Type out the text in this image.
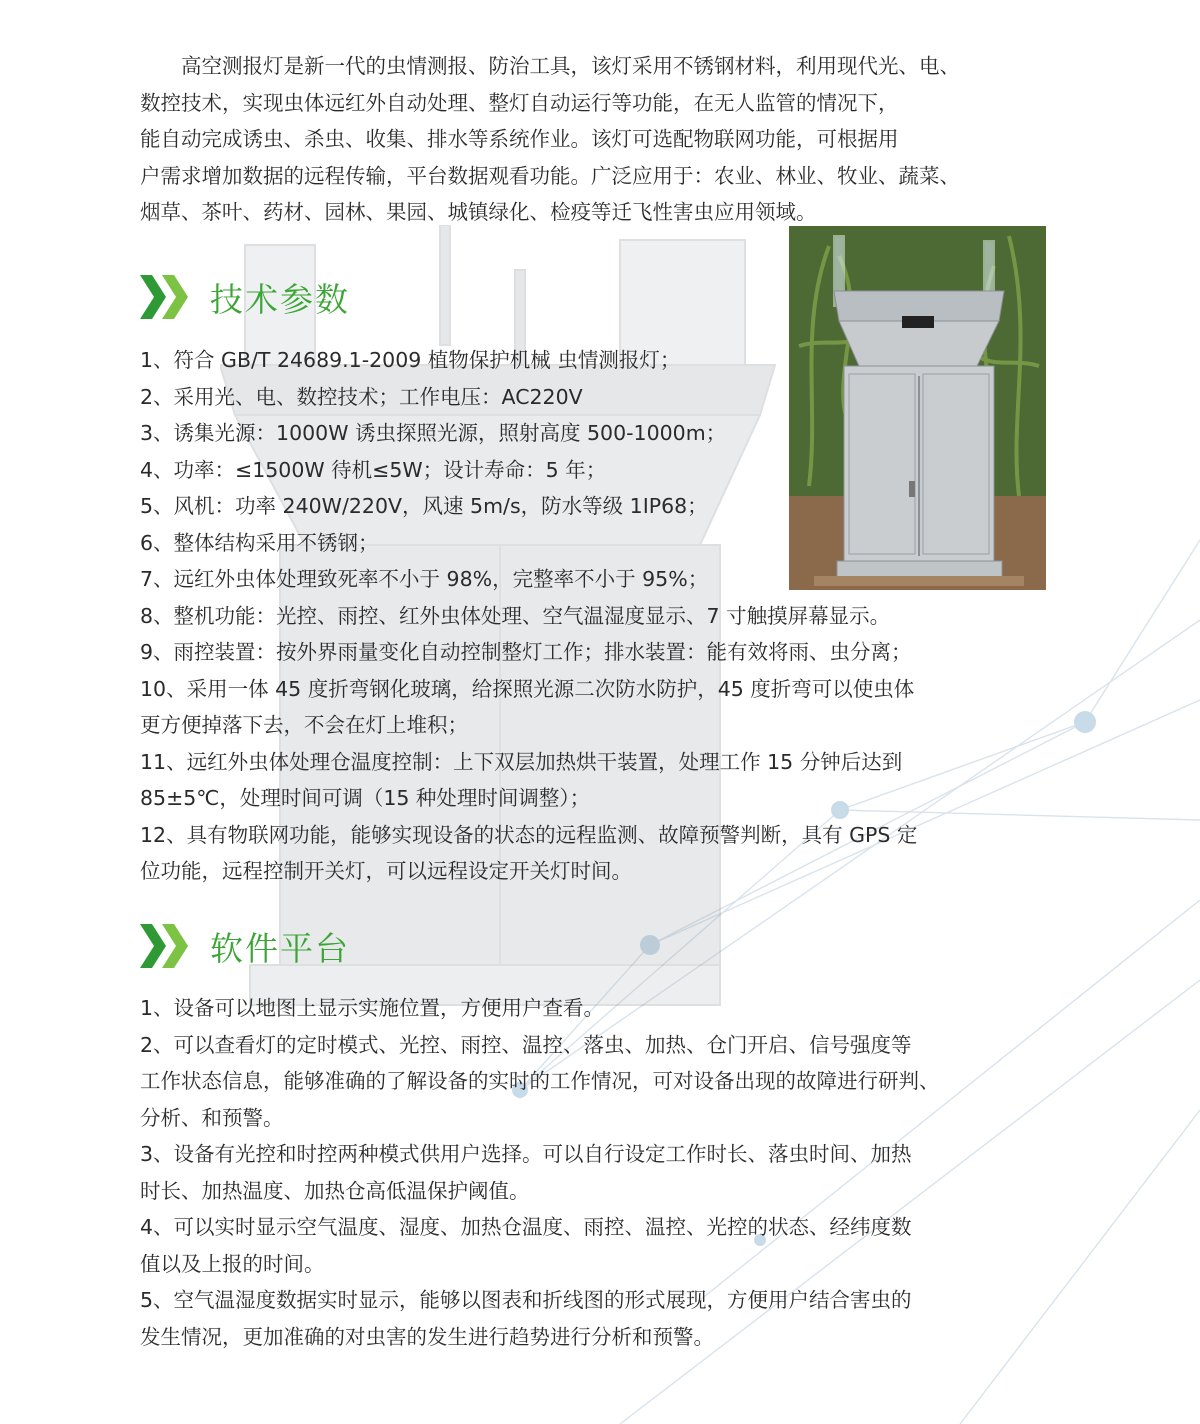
高空测报灯是新一代的虫情测报、防治工具，该灯采用不锈钢材料，利用现代光、电、

数控技术，实现虫体远红外自动处理、整灯自动运行等功能，在无人监管的情况下，

能自动完成诱虫、杀虫、收集、排水等系统作业。该灯可选配物联网功能，可根据用

户需求增加数据的远程传输，平台数据观看功能。广泛应用于：农业、林业、牧业、蔬菜、

烟草、茶叶、药材、园林、果园、城镇绿化、检疫等迁飞性害虫应用领域。

技术参数

1、符合 GB/T 24689.1-2009 植物保护机械 虫情测报灯；

2、采用光、电、数控技术；工作电压：AC220V

3、诱集光源：1000W 诱虫探照光源，照射高度 500-1000m；

4、功率：≤1500W 待机≤5W；设计寿命：5 年；

5、风机：功率 240W/220V，风速 5m/s，防水等级 1IP68；

6、整体结构采用不锈钢；

7、远红外虫体处理致死率不小于 98%，完整率不小于 95%；

8、整机功能：光控、雨控、红外虫体处理、空气温湿度显示、7 寸触摸屏幕显示。

9、雨控装置：按外界雨量变化自动控制整灯工作；排水装置：能有效将雨、虫分离；

10、采用一体 45 度折弯钢化玻璃，给探照光源二次防水防护，45 度折弯可以使虫体

更方便掉落下去，不会在灯上堆积；

11、远红外虫体处理仓温度控制：上下双层加热烘干装置，处理工作 15 分钟后达到

85±5℃，处理时间可调（15 种处理时间调整）；

12、具有物联网功能，能够实现设备的状态的远程监测、故障预警判断，具有 GPS 定

位功能，远程控制开关灯，可以远程设定开关灯时间。

软件平台

1、设备可以地图上显示实施位置，方便用户查看。

2、可以查看灯的定时模式、光控、雨控、温控、落虫、加热、仓门开启、信号强度等

工作状态信息，能够准确的了解设备的实时的工作情况，可对设备出现的故障进行研判、

分析、和预警。

3、设备有光控和时控两种模式供用户选择。可以自行设定工作时长、落虫时间、加热

时长、加热温度、加热仓高低温保护阈值。

4、可以实时显示空气温度、湿度、加热仓温度、雨控、温控、光控的状态、经纬度数

值以及上报的时间。

5、空气温湿度数据实时显示，能够以图表和折线图的形式展现，方便用户结合害虫的

发生情况，更加准确的对虫害的发生进行趋势进行分析和预警。
